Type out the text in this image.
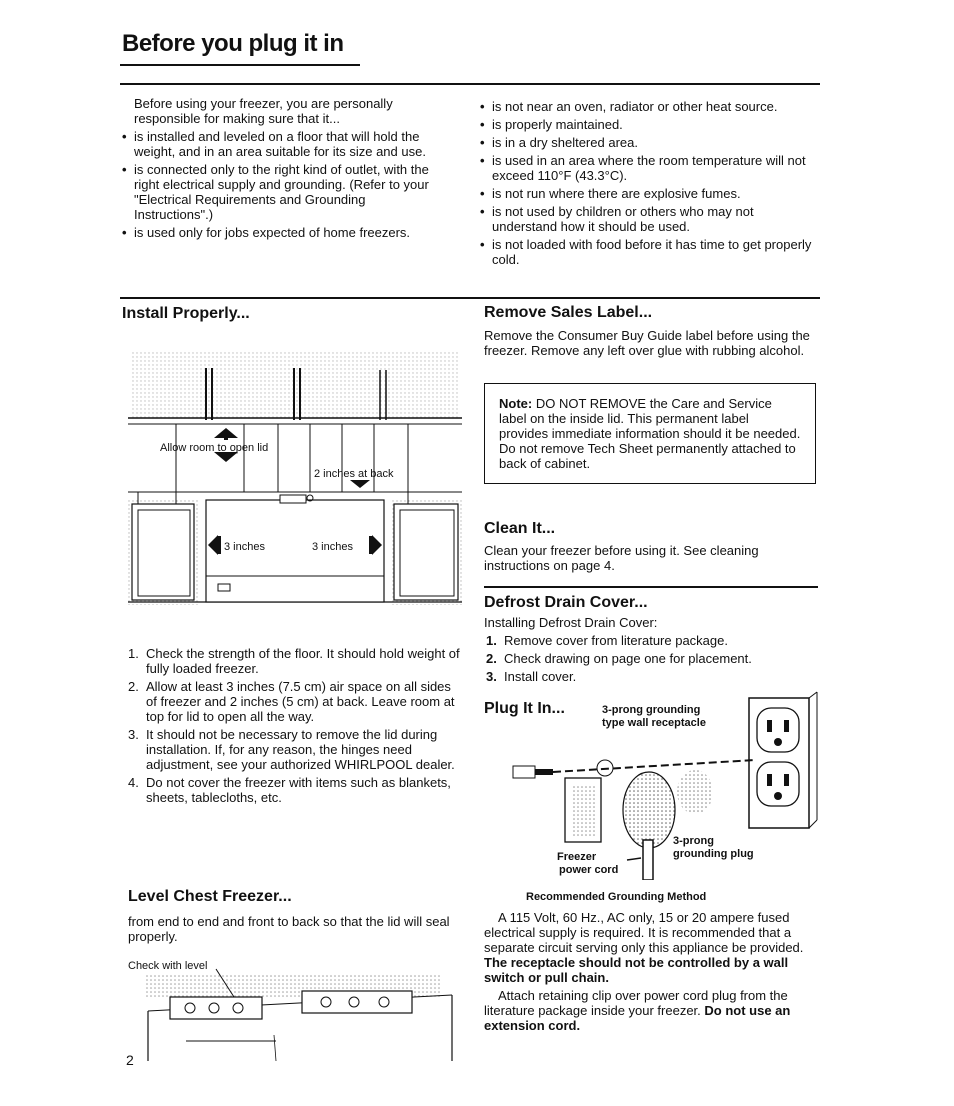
Before you plug it in

Before using your freezer, you are personally responsible for making sure that it...

• is installed and leveled on a floor that will hold the weight, and in an area suitable for its size and use.
• is connected only to the right kind of outlet, with the right electrical supply and grounding. (Refer to your "Electrical Requirements and Grounding Instructions".)
• is used only for jobs expected of home freezers.
• is not near an oven, radiator or other heat source.
• is properly maintained.
• is in a dry sheltered area.
• is used in an area where the room temperature will not exceed 110°F (43.3°C).
• is not run where there are explosive fumes.
• is not used by children or others who may not understand how it should be used.
• is not loaded with food before it has time to get properly cold.
Install Properly...
Allow room to open lid
2 inches at back
3 inches	3 inches
1. Check the strength of the floor. It should hold weight of fully loaded freezer.
2. Allow at least 3 inches (7.5 cm) air space on all sides of freezer and 2 inches (5 cm) at back. Leave room at top for lid to open all the way.
3. It should not be necessary to remove the lid during installation. If, for any reason, the hinges need adjustment, see your authorized WHIRLPOOL dealer.
4. Do not cover the freezer with items such as blankets, sheets, tablecloths, etc.
Level Chest Freezer...
from end to end and front to back so that the lid will seal properly.
Check with level
2
Remove Sales Label...
Remove the Consumer Buy Guide label before using the freezer. Remove any left over glue with rubbing alcohol.
Note: DO NOT REMOVE the Care and Service label on the inside lid. This permanent label provides immediate information should it be needed. Do not remove Tech Sheet permanently attached to back of cabinet.
Clean It...
Clean your freezer before using it. See cleaning instructions on page 4.
Defrost Drain Cover...

Installing Defrost Drain Cover:

1. Remove cover from literature package.
2. Check drawing on page one for placement.
3. Install cover.
Plug It In...	3-prong grounding
type wall receptacle
3-prong
grounding plug
Freezer
power cord
Recommended Grounding Method

A 115 Volt, 60 Hz., AC only, 15 or 20 ampere fused electrical supply is required. It is recommended that a separate circuit serving only this appliance be provided. The receptacle should not be controlled by a wall switch or pull chain.

Attach retaining clip over power cord plug from the literature package inside your freezer. Do not use an extension cord.
